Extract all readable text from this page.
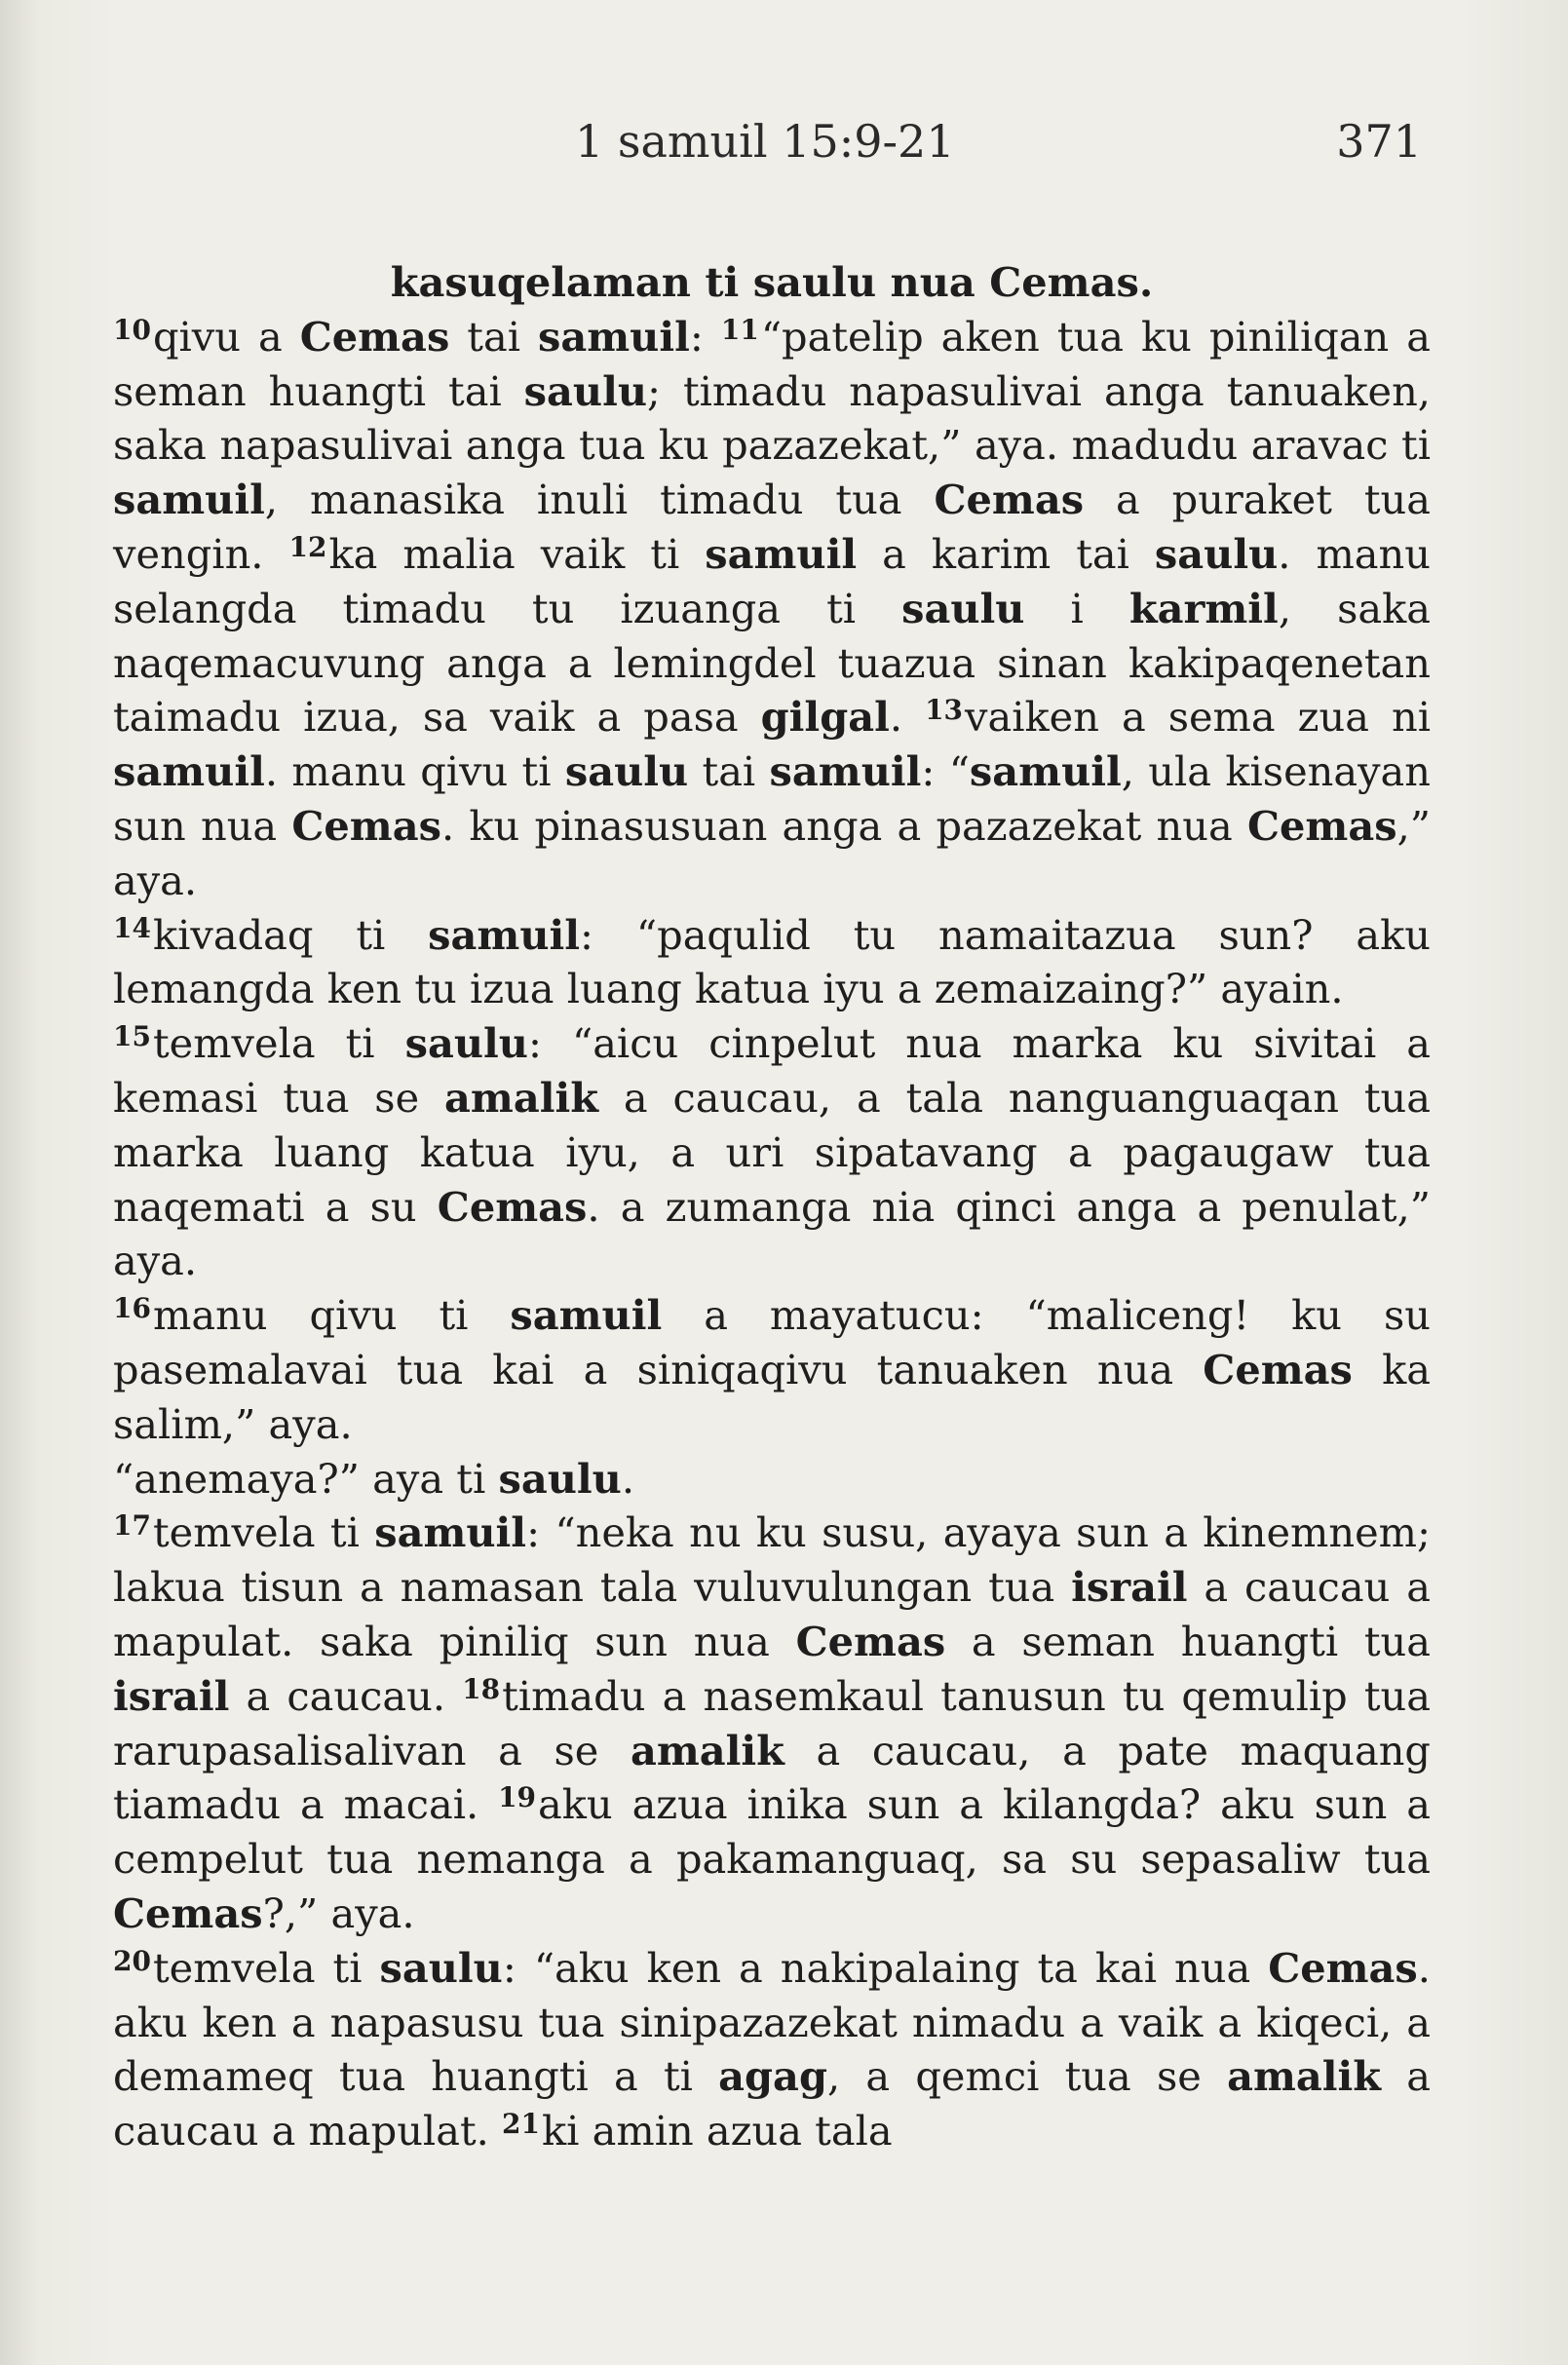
1 samuil 15:9-21	371

kasuqelaman ti saulu nua Cemas.

$^{10}$qivu a Cemas tai samuil: $^{11}$“patelip aken tua ku piniliqan a seman huangti tai saulu; timadu napasulivai anga tanuaken, saka napasulivai anga tua ku pazazekat,” aya. madudu aravac ti samuil, manasika inuli timadu tua Cemas a puraket tua vengin. $^{12}$ka malia vaik ti samuil a karim tai saulu. manu selangda timadu tu izuanga ti saulu i karmil, saka naqemacuvung anga a lemingdel tuazua sinan kakipaqenetan taimadu izua, sa vaik a pasa gilgal. $^{13}$vaiken a sema zua ni samuil. manu qivu ti saulu tai samuil: “samuil, ula kisenayan sun nua Cemas. ku pinasusuan anga a pazazekat nua Cemas,” aya.

$^{14}$kivadaq ti samuil: “paqulid tu namaitazua sun? aku lemangda ken tu izua luang katua iyu a zemaizaing?” ayain.

$^{15}$temvela ti saulu: “aicu cinpelut nua marka ku sivitai a kemasi tua se amalik a caucau, a tala nanguanguaqan tua marka luang katua iyu, a uri sipatavang a pagaugaw tua naqemati a su Cemas. a zumanga nia qinci anga a penulat,” aya.

$^{16}$manu qivu ti samuil a mayatucu: “maliceng! ku su pasemalavai tua kai a siniqaqivu tanuaken nua Cemas ka salim,” aya.

“anemaya?” aya ti saulu.

$^{17}$temvela ti samuil: “neka nu ku susu, ayaya sun a kinemnem; lakua tisun a namasan tala vuluvulungan tua israil a caucau a mapulat. saka piniliq sun nua Cemas a seman huangti tua israil a caucau. $^{18}$timadu a nasemkaul tanusun tu qemulip tua rarupasalisalivan a se amalik a caucau, a pate maquang tiamadu a macai. $^{19}$aku azua inika sun a kilangda? aku sun a cempelut tua nemanga a pakamanguaq, sa su sepasaliw tua Cemas?,” aya.

$^{20}$temvela ti saulu: “aku ken a nakipalaing ta kai nua Cemas. aku ken a napasusu tua sinipazazekat nimadu a vaik a kiqeci, a demameq tua huangti a ti agag, a qemci tua se amalik a caucau a mapulat. $^{21}$ki amin azua tala
